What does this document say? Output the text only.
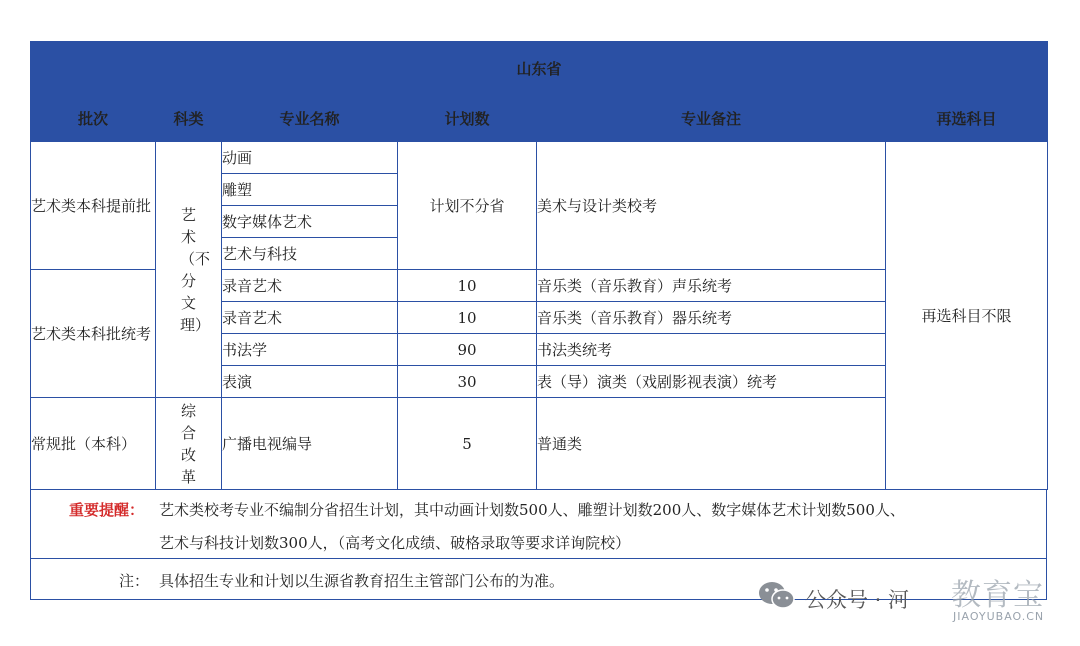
山东省					
批次	科类	专业名称	计划数	专业备注	再选科目
艺术类本科提前批	艺术（不分文理）	动画	计划不分省	美术与设计类校考	再选科目不限
		雕塑			
		数字媒体艺术			
		艺术与科技			
艺术类本科批统考		录音艺术	10	音乐类（音乐教育）声乐统考	
		录音艺术	10	音乐类（音乐教育）器乐统考	
		书法学	90	书法类统考	
		表演	30	表（导）演类（戏剧影视表演）统考	
常规批（本科）	综合改革	广播电视编导	5	普通类	
重要提醒： 艺术类校考专业不编制分省招生计划，其中动画计划数500人、雕塑计划数200人、数字媒体艺术计划数500人、
艺术与科技计划数300人，（高考文化成绩、破格录取等要求详询院校）
注： 具体招生专业和计划以生源省教育招生主管部门公布的为准。
公众号 · 河 教育宝
JIAOYUBAO.CN
